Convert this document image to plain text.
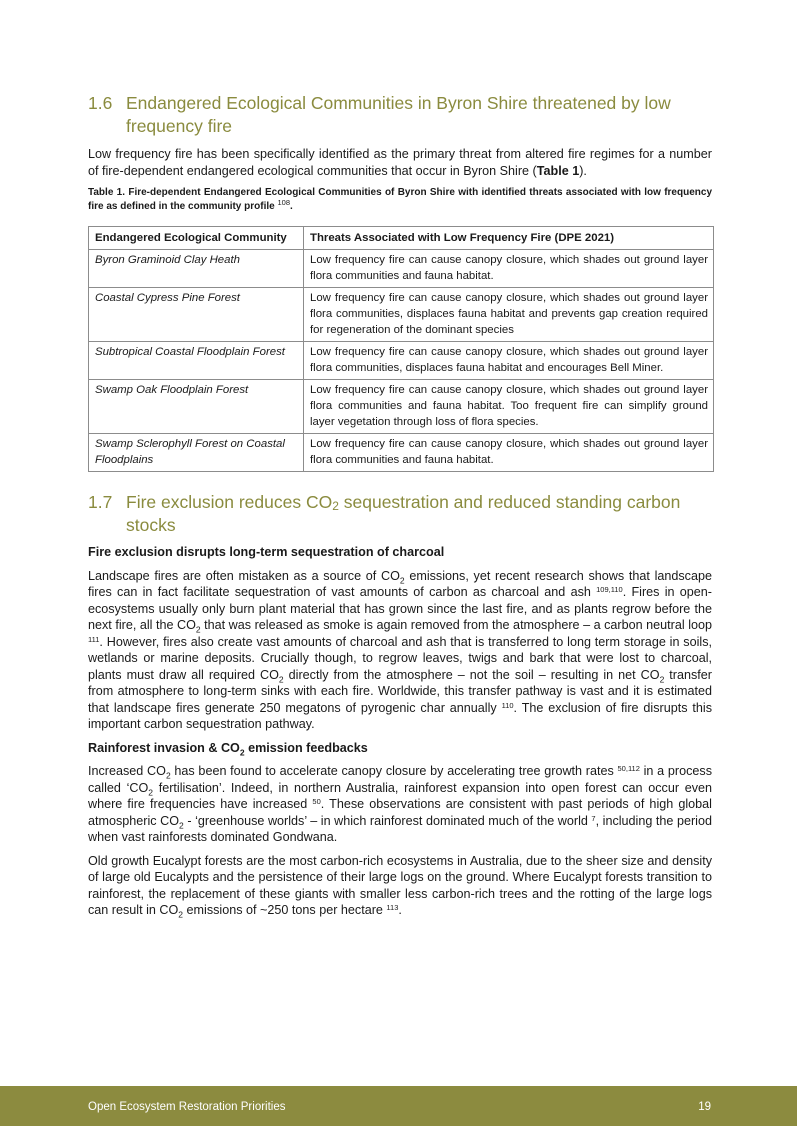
1.6 Endangered Ecological Communities in Byron Shire threatened by low frequency fire

Low frequency fire has been specifically identified as the primary threat from altered fire regimes for a number of fire-dependent endangered ecological communities that occur in Byron Shire (Table 1).

Table 1. Fire-dependent Endangered Ecological Communities of Byron Shire with identified threats associated with low frequency fire as defined in the community profile $^{108}$.

Endangered Ecological Community	Threats Associated with Low Frequency Fire (DPE 2021)
Byron Graminoid Clay Heath	Low frequency fire can cause canopy closure, which shades out ground layer flora communities and fauna habitat.
Coastal Cypress Pine Forest	Low frequency fire can cause canopy closure, which shades out ground layer flora communities, displaces fauna habitat and prevents gap creation required for regeneration of the dominant species
Subtropical Coastal Floodplain Forest	Low frequency fire can cause canopy closure, which shades out ground layer flora communities, displaces fauna habitat and encourages Bell Miner.
Swamp Oak Floodplain Forest	Low frequency fire can cause canopy closure, which shades out ground layer flora communities and fauna habitat. Too frequent fire can simplify ground layer vegetation through loss of flora species.
Swamp Sclerophyll Forest on Coastal Floodplains	Low frequency fire can cause canopy closure, which shades out ground layer flora communities and fauna habitat.
1.7 Fire exclusion reduces $CO_2$ sequestration and reduced standing carbon stocks
Fire exclusion disrupts long-term sequestration of charcoal

Landscape fires are often mistaken as a source of $CO_2$ emissions, yet recent research shows that landscape fires can in fact facilitate sequestration of vast amounts of carbon as charcoal and ash $^{109,110}$. Fires in open-ecosystems usually only burn plant material that has grown since the last fire, and as plants regrow before the next fire, all the $CO_2$ that was released as smoke is again removed from the atmosphere – a carbon neutral loop $^{111}$. However, fires also create vast amounts of charcoal and ash that is transferred to long term storage in soils, wetlands or marine deposits. Crucially though, to regrow leaves, twigs and bark that were lost to charcoal, plants must draw all required $CO_2$ directly from the atmosphere – not the soil – resulting in net $CO_2$ transfer from atmosphere to long-term sinks with each fire. Worldwide, this transfer pathway is vast and it is estimated that landscape fires generate 250 megatons of pyrogenic char annually $^{110}$. The exclusion of fire disrupts this important carbon sequestration pathway.

Rainforest invasion & $CO_2$ emission feedbacks

Increased $CO_2$ has been found to accelerate canopy closure by accelerating tree growth rates $^{50,112}$ in a process called ‘$CO_2$ fertilisation’. Indeed, in northern Australia, rainforest expansion into open forest can occur even where fire frequencies have increased $^{50}$. These observations are consistent with past periods of high global atmospheric $CO_2$ - ‘greenhouse worlds’ – in which rainforest dominated much of the world $^7$, including the period when vast rainforests dominated Gondwana.

Old growth Eucalypt forests are the most carbon-rich ecosystems in Australia, due to the sheer size and density of large old Eucalypts and the persistence of their large logs on the ground. Where Eucalypt forests transition to rainforest, the replacement of these giants with smaller less carbon-rich trees and the rotting of the large logs can result in $CO_2$ emissions of ~250 tons per hectare $^{113}$.

Open Ecosystem Restoration Priorities	19
